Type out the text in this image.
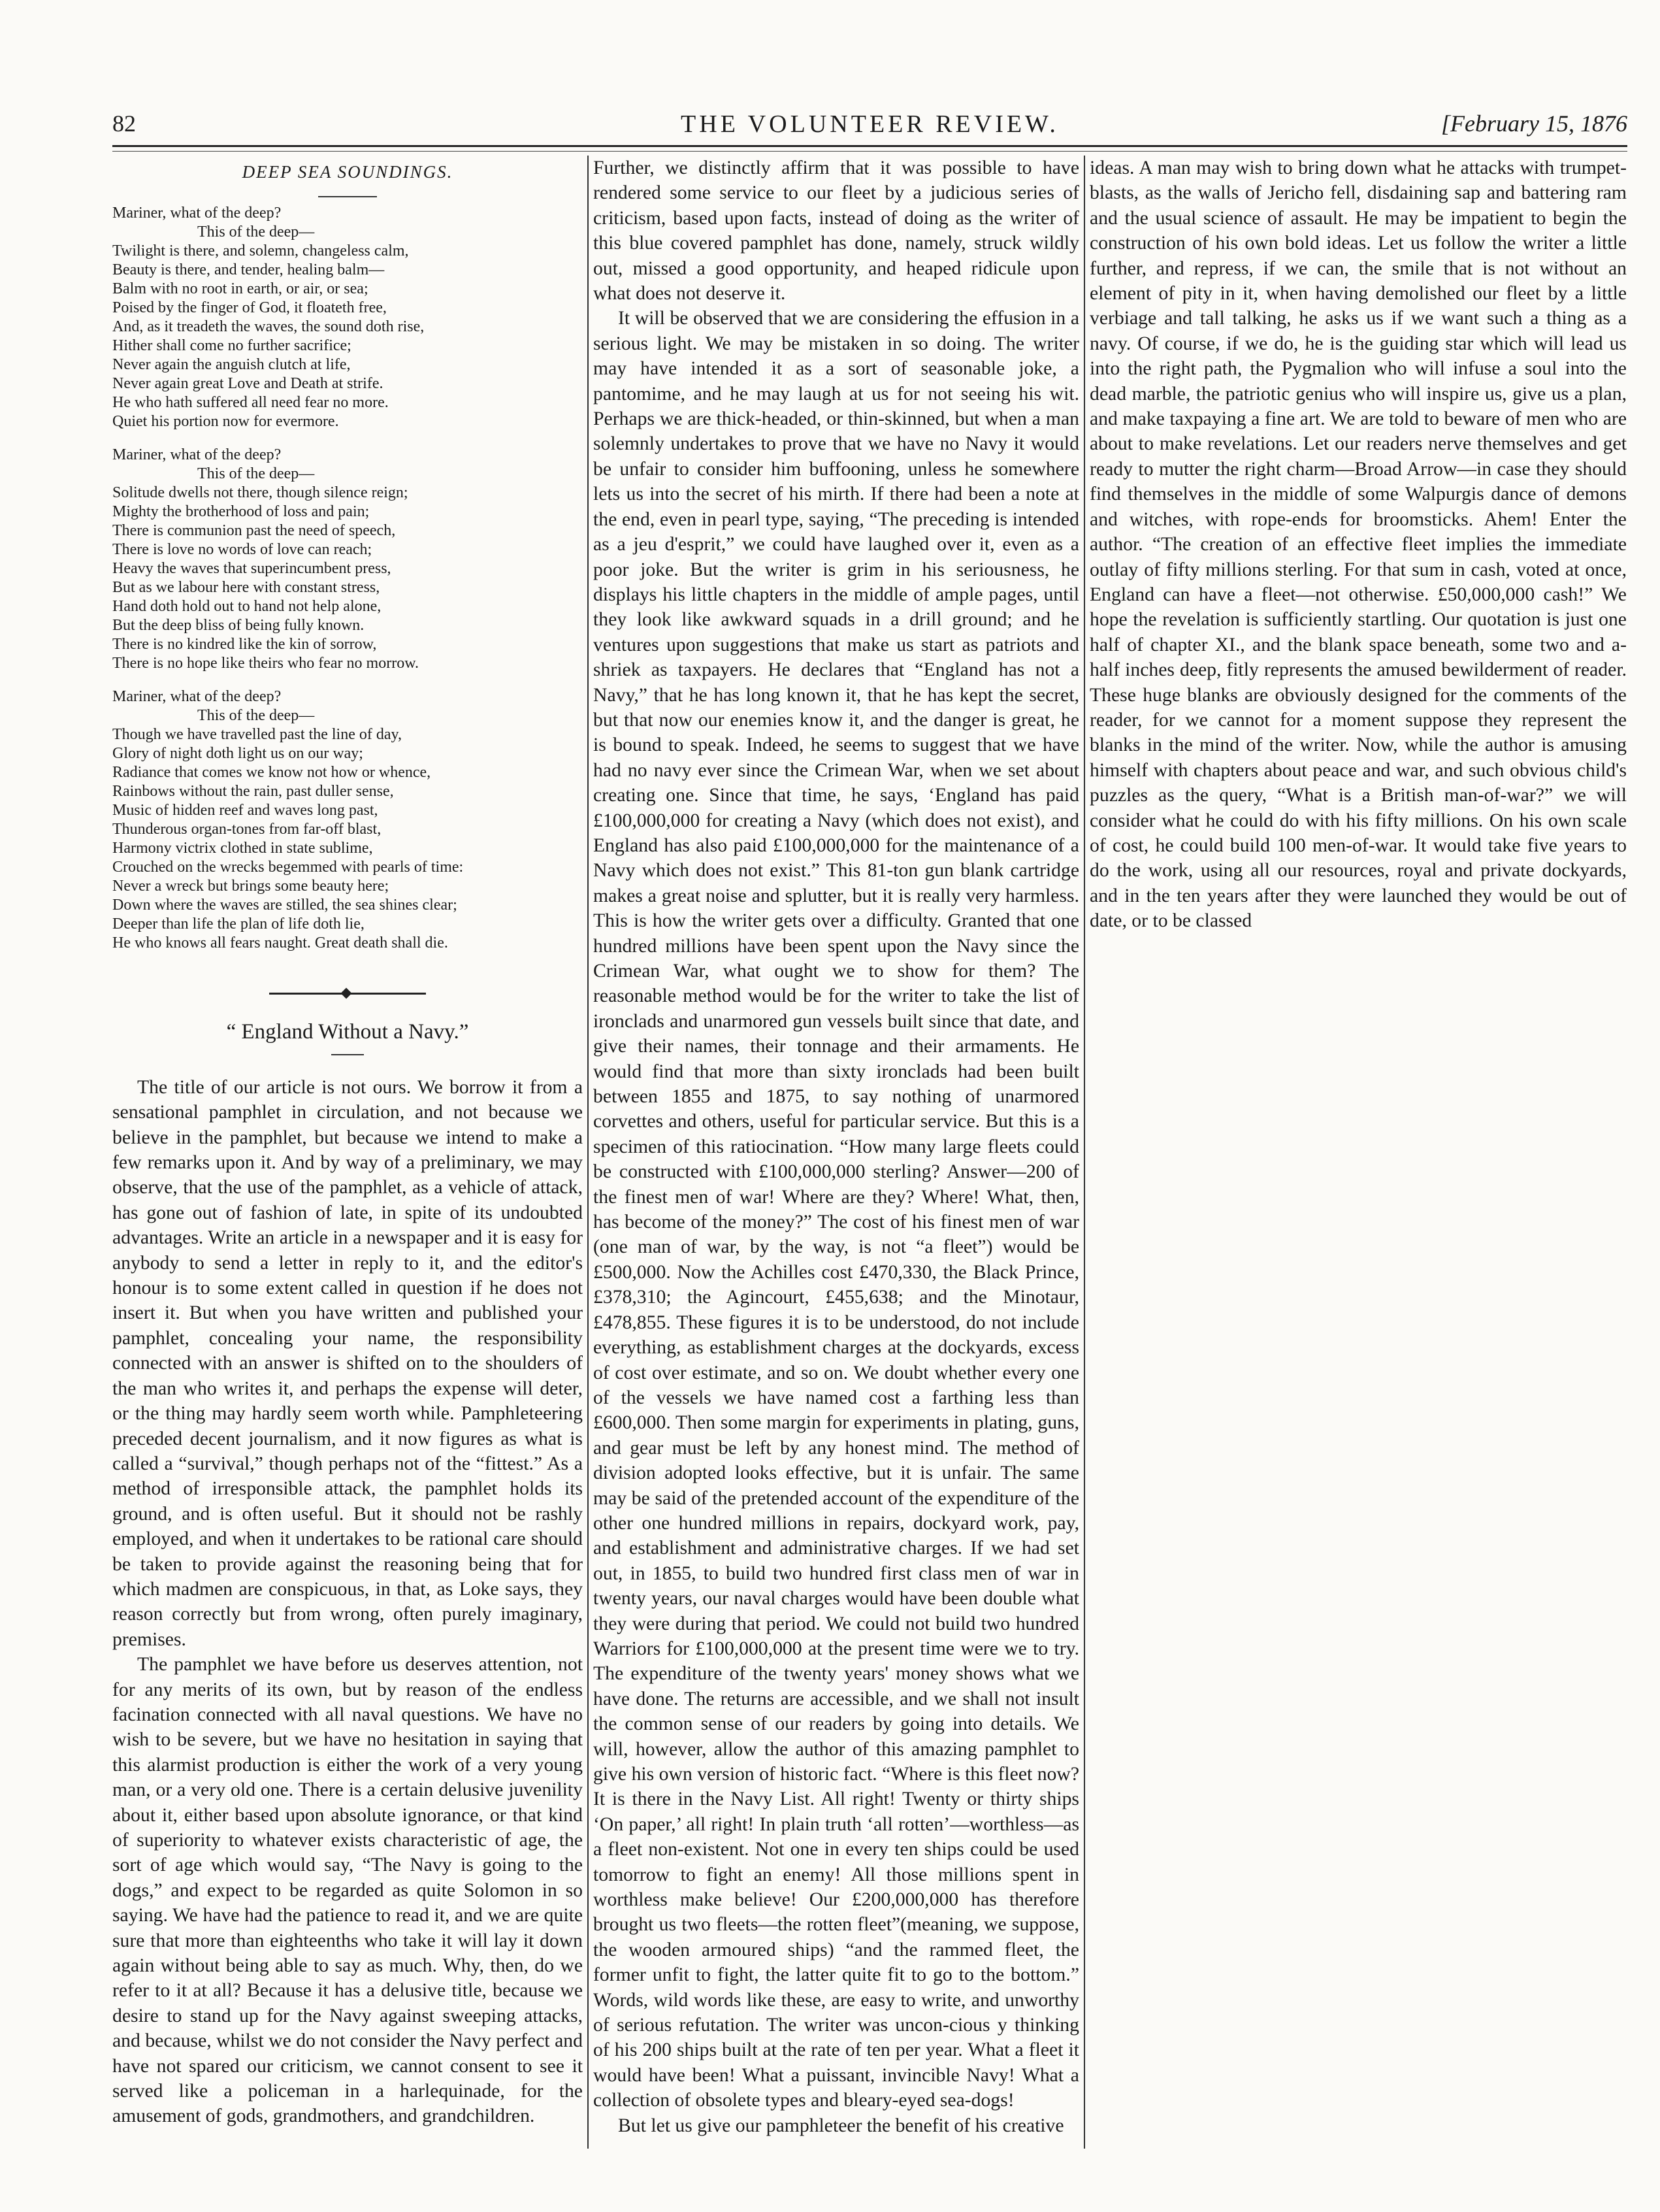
82	THE VOLUNTEER REVIEW.	[February 15, 1876
DEEP SEA SOUNDINGS.
Mariner, what of the deep?
This of the deep—
Twilight is there, and solemn, changeless calm,
Beauty is there, and tender, healing balm—
Balm with no root in earth, or air, or sea;
Poised by the finger of God, it floateth free,
And, as it treadeth the waves, the sound doth rise,
Hither shall come no further sacrifice;
Never again the anguish clutch at life,
Never again great Love and Death at strife.
He who hath suffered all need fear no more.
Quiet his portion now for evermore.
Mariner, what of the deep?
This of the deep—
Solitude dwells not there, though silence reign;
Mighty the brotherhood of loss and pain;
There is communion past the need of speech,
There is love no words of love can reach;
Heavy the waves that superincumbent press,
But as we labour here with constant stress,
Hand doth hold out to hand not help alone,
But the deep bliss of being fully known.
There is no kindred like the kin of sorrow,
There is no hope like theirs who fear no morrow.
Mariner, what of the deep?
This of the deep—
Though we have travelled past the line of day,
Glory of night doth light us on our way;
Radiance that comes we know not how or whence,
Rainbows without the rain, past duller sense,
Music of hidden reef and waves long past,
Thunderous organ-tones from far-off blast,
Harmony victrix clothed in state sublime,
Crouched on the wrecks begemmed with pearls of time:
Never a wreck but brings some beauty here;
Down where the waves are stilled, the sea shines clear;
Deeper than life the plan of life doth lie,
He who knows all fears naught. Great death shall die.
“ England Without a Navy.”

The title of our article is not ours. We borrow it from a sensational pamphlet in circulation, and not because we believe in the pamphlet, but because we intend to make a few remarks upon it. And by way of a preliminary, we may observe, that the use of the pamphlet, as a vehicle of attack, has gone out of fashion of late, in spite of its undoubted advantages. Write an article in a newspaper and it is easy for anybody to send a letter in reply to it, and the editor's honour is to some extent called in question if he does not insert it. But when you have written and published your pamphlet, concealing your name, the responsibility connected with an answer is shifted on to the shoulders of the man who writes it, and perhaps the expense will deter, or the thing may hardly seem worth while. Pamphleteering preceded decent journalism, and it now figures as what is called a “survival,” though perhaps not of the “fittest.” As a method of irresponsible attack, the pamphlet holds its ground, and is often useful. But it should not be rashly employed, and when it undertakes to be rational care should be taken to provide against the reasoning being that for which madmen are conspicuous, in that, as Loke says, they reason correctly but from wrong, often purely imaginary, premises.

The pamphlet we have before us deserves attention, not for any merits of its own, but by reason of the endless facination connected with all naval questions. We have no wish to be severe, but we have no hesitation in saying that this alarmist production is either the work of a very young man, or a very old one. There is a certain delusive juvenility about it, either based upon absolute ignorance, or that kind of superiority to whatever exists characteristic of age, the sort of age which would say, “The Navy is going to the dogs,” and expect to be regarded as quite Solomon in so saying. We have had the patience to read it, and we are quite sure that more than eighteenths who take it will lay it down again without being able to say as much. Why, then, do we refer to it at all? Because it has a delusive title, because we desire to stand up for the Navy against sweeping attacks, and because, whilst we do not consider the Navy perfect and have not spared our criticism, we cannot consent to see it served like a policeman in a harlequinade, for the amusement of gods, grandmothers, and grandchildren.

Further, we distinctly affirm that it was possible to have rendered some service to our fleet by a judicious series of criticism, based upon facts, instead of doing as the writer of this blue covered pamphlet has done, namely, struck wildly out, missed a good opportunity, and heaped ridicule upon what does not deserve it.

It will be observed that we are considering the effusion in a serious light. We may be mistaken in so doing. The writer may have intended it as a sort of seasonable joke, a pantomime, and he may laugh at us for not seeing his wit. Perhaps we are thick-headed, or thin-skinned, but when a man solemnly undertakes to prove that we have no Navy it would be unfair to consider him buffooning, unless he somewhere lets us into the secret of his mirth. If there had been a note at the end, even in pearl type, saying, “The preceding is intended as a jeu d'esprit,” we could have laughed over it, even as a poor joke. But the writer is grim in his seriousness, he displays his little chapters in the middle of ample pages, until they look like awkward squads in a drill ground; and he ventures upon suggestions that make us start as patriots and shriek as taxpayers. He declares that “England has not a Navy,” that he has long known it, that he has kept the secret, but that now our enemies know it, and the danger is great, he is bound to speak. Indeed, he seems to suggest that we have had no navy ever since the Crimean War, when we set about creating one. Since that time, he says, ‘England has paid £100,000,000 for creating a Navy (which does not exist), and England has also paid £100,000,000 for the maintenance of a Navy which does not exist.” This 81-ton gun blank cartridge makes a great noise and splutter, but it is really very harmless. This is how the writer gets over a difficulty. Granted that one hundred millions have been spent upon the Navy since the Crimean War, what ought we to show for them? The reasonable method would be for the writer to take the list of ironclads and unarmored gun vessels built since that date, and give their names, their tonnage and their armaments. He would find that more than sixty ironclads had been built between 1855 and 1875, to say nothing of unarmored corvettes and others, useful for particular service. But this is a specimen of this ratiocination. “How many large fleets could be constructed with £100,000,000 sterling? Answer—200 of the finest men of war! Where are they? Where! What, then, has become of the money?” The cost of his finest men of war (one man of war, by the way, is not “a fleet”) would be £500,000. Now the Achilles cost £470,330, the Black Prince, £378,310; the Agincourt, £455,638; and the Minotaur, £478,855. These figures it is to be understood, do not include everything, as establishment charges at the dockyards, excess of cost over estimate, and so on. We doubt whether every one of the vessels we have named cost a farthing less than £600,000. Then some margin for experiments in plating, guns, and gear must be left by any honest mind. The method of division adopted looks effective, but it is unfair. The same may be said of the pretended account of the expenditure of the other one hundred millions in repairs, dockyard work, pay, and establishment and administrative charges. If we had set out, in 1855, to build two hundred first class men of war in twenty years, our naval charges would have been double what they were during that period. We could not build two hundred Warriors for £100,000,000 at the present time were we to try. The expenditure of the twenty years' money shows what we have done. The returns are accessible, and we shall not insult the common sense of our readers by going into details. We will, however, allow the author of this amazing pamphlet to give his own version of historic fact. “Where is this fleet now? It is there in the Navy List. All right! Twenty or thirty ships ‘On paper,’ all right! In plain truth ‘all rotten’—worthless—as a fleet non-existent. Not one in every ten ships could be used tomorrow to fight an enemy! All those millions spent in worthless make believe! Our £200,000,000 has therefore brought us two fleets—the rotten fleet”(meaning, we suppose, the wooden armoured ships) “and the rammed fleet, the former unfit to fight, the latter quite fit to go to the bottom.” Words, wild words like these, are easy to write, and unworthy of serious refutation. The writer was uncon-cious y thinking of his 200 ships built at the rate of ten per year. What a fleet it would have been! What a puissant, invincible Navy! What a collection of obsolete types and bleary-eyed sea-dogs!

But let us give our pamphleteer the benefit of his creative

ideas. A man may wish to bring down what he attacks with trumpet-blasts, as the walls of Jericho fell, disdaining sap and battering ram and the usual science of assault. He may be impatient to begin the construction of his own bold ideas. Let us follow the writer a little further, and repress, if we can, the smile that is not without an element of pity in it, when having demolished our fleet by a little verbiage and tall talking, he asks us if we want such a thing as a navy. Of course, if we do, he is the guiding star which will lead us into the right path, the Pygmalion who will infuse a soul into the dead marble, the patriotic genius who will inspire us, give us a plan, and make taxpaying a fine art. We are told to beware of men who are about to make revelations. Let our readers nerve themselves and get ready to mutter the right charm—Broad Arrow—in case they should find themselves in the middle of some Walpurgis dance of demons and witches, with rope-ends for broomsticks. Ahem! Enter the author. “The creation of an effective fleet implies the immediate outlay of fifty millions sterling. For that sum in cash, voted at once, England can have a fleet—not otherwise. £50,000,000 cash!” We hope the revelation is sufficiently startling. Our quotation is just one half of chapter XI., and the blank space beneath, some two and a-half inches deep, fitly represents the amused bewilderment of reader. These huge blanks are obviously designed for the comments of the reader, for we cannot for a moment suppose they represent the blanks in the mind of the writer. Now, while the author is amusing himself with chapters about peace and war, and such obvious child's puzzles as the query, “What is a British man-of-war?” we will consider what he could do with his fifty millions. On his own scale of cost, he could build 100 men-of-war. It would take five years to do the work, using all our resources, royal and private dockyards, and in the ten years after they were launched they would be out of date, or to be classed
